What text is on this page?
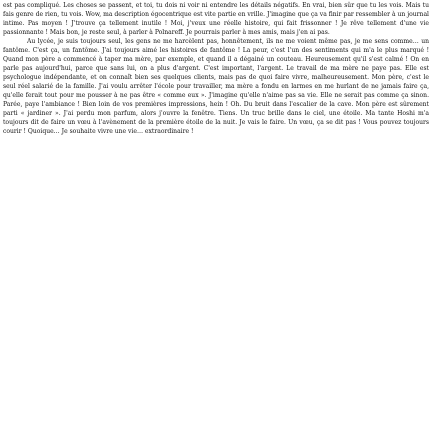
est pas compliqué. Les choses se passent, et toi, tu dois ni voir ni entendre les détails négatifs. En vrai, bien sûr que tu les vois. Mais tu fais genre de rien, tu vois. Wow, ma description égocentrique est vite partie en vrille. J'imagine que ça va finir par ressembler à un journal intime. Pas moyen ! J'trouve ça tellement inutile ! Moi, j'veux une réelle histoire, qui fait frissonner ! Je rêve tellement d'une vie passionnante ! Mais bon, je reste seul, à parler à Polnareff. Je pourrais parler à mes amis, mais j'en ai pas.

Au lycée, je suis toujours seul, les gens ne me harcèlent pas, honnêtement, ils ne me voient même pas, je me sens comme… un fantôme. C'est ça, un fantôme. J'ai toujours aimé les histoires de fantôme ! La peur, c'est l'un des sentiments qui m'a le plus marqué ! Quand mon père a commencé à taper ma mère, par exemple, et quand il a dégainé un couteau. Heureusement qu'il s'est calmé ! On en parle pas aujourd'hui, parce que sans lui, on a plus d'argent. C'est important, l'argent. Le travail de ma mère ne paye pas. Elle est psychologue indépendante, et on connaît bien ses quelques clients, mais pas de quoi faire vivre, malheureusement. Mon père, c'est le seul réel salarié de la famille. J'ai voulu arrêter l'école pour travailler, ma mère a fondu en larmes en me hurlant de ne jamais faire ça, qu'elle ferait tout pour me pousser à ne pas être « comme eux ». J'imagine qu'elle n'aime pas sa vie. Elle ne serait pas comme ça sinon. Parée, paye l'ambiance ! Bien loin de vos premières impressions, hein ! Oh. Du bruit dans l'escalier de la cave. Mon père est sûrement parti « jardiner ». J'ai perdu mon parfum, alors j'ouvre la fenêtre. Tiens. Un truc brille dans le ciel, une étoile. Ma tante Hoshi m'a toujours dit de faire un vœu à l'avènement de la première étoile de la nuit. Je vais le faire. Un vœu, ça se dit pas ! Vous pouvez toujours courir ! Quoique… Je souhaite vivre une vie… extraordinaire !
